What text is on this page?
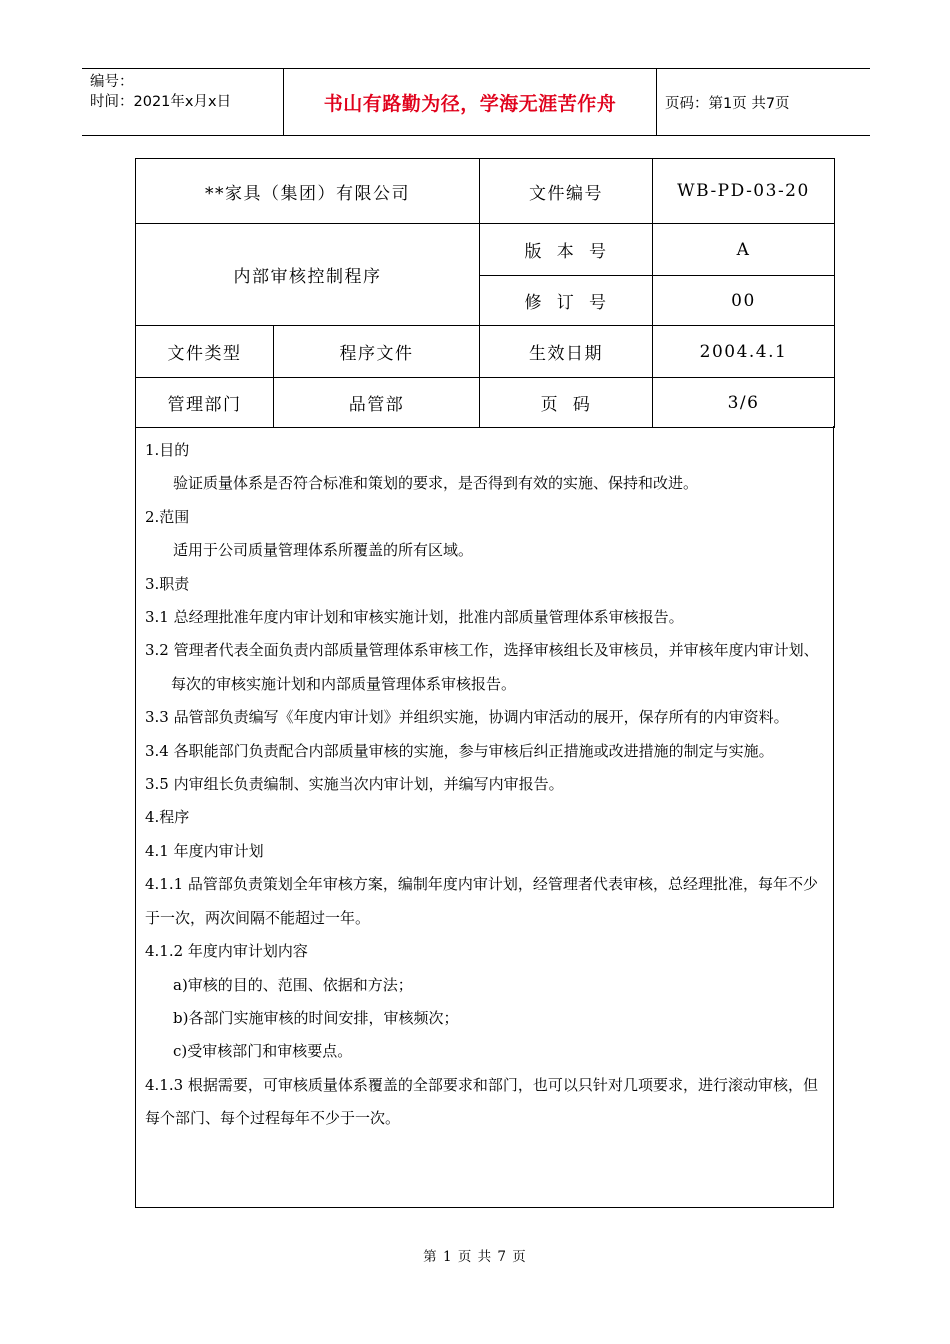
编号：
时间：2021年x月x日	书山有路勤为径，学海无涯苦作舟	页码：第1页 共7页
**家具（集团）有限公司		文件编号	WB-PD-03-20
内部审核控制程序		版  本  号	A
		修  订  号	00
文件类型	程序文件	生效日期	2004.4.1
管理部门	品管部	页  码	3/6

1.目的

验证质量体系是否符合标准和策划的要求，是否得到有效的实施、保持和改进。

2.范围

适用于公司质量管理体系所覆盖的所有区域。

3.职责

3.1 总经理批准年度内审计划和审核实施计划，批准内部质量管理体系审核报告。

3.2 管理者代表全面负责内部质量管理体系审核工作，选择审核组长及审核员，并审核年度内审计划、每次的审核实施计划和内部质量管理体系审核报告。

3.3 品管部负责编写《年度内审计划》并组织实施，协调内审活动的展开，保存所有的内审资料。

3.4 各职能部门负责配合内部质量审核的实施，参与审核后纠正措施或改进措施的制定与实施。

3.5 内审组长负责编制、实施当次内审计划，并编写内审报告。

4.程序

4.1 年度内审计划

4.1.1 品管部负责策划全年审核方案，编制年度内审计划，经管理者代表审核，总经理批准，每年不少于一次，两次间隔不能超过一年。

4.1.2 年度内审计划内容

a)审核的目的、范围、依据和方法；

b)各部门实施审核的时间安排，审核频次；

c)受审核部门和审核要点。

4.1.3 根据需要，可审核质量体系覆盖的全部要求和部门，也可以只针对几项要求，进行滚动审核，但每个部门、每个过程每年不少于一次。

第 1 页 共 7 页
